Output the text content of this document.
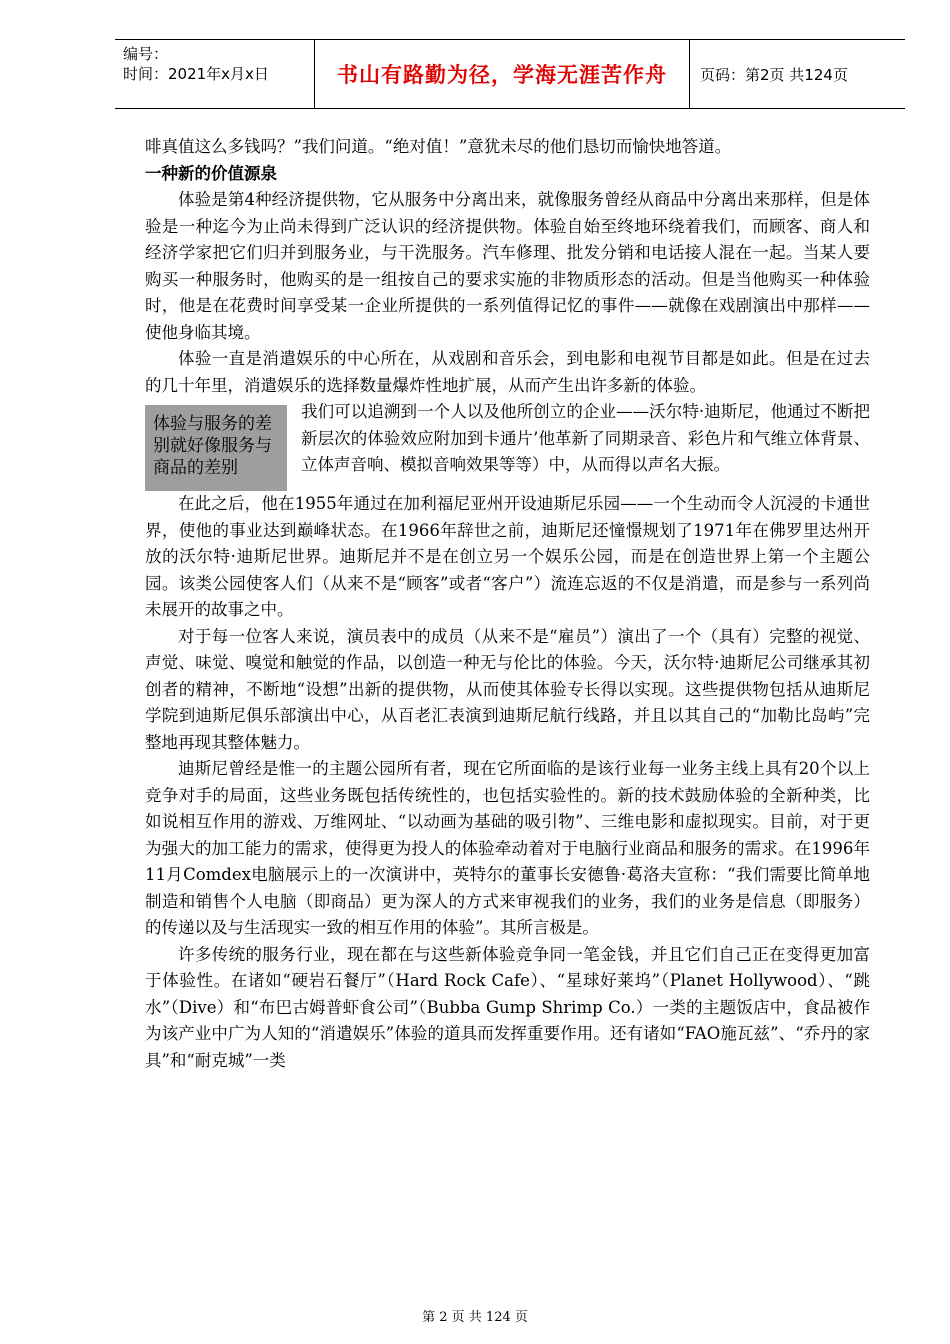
编号：
时间：2021年x月x日	书山有路勤为径，学海无涯苦作舟	页码：第2页 共124页

啡真值这么多钱吗？”我们问道。“绝对值！”意犹未尽的他们恳切而愉快地答道。

一种新的价值源泉

体验是第4种经济提供物，它从服务中分离出来，就像服务曾经从商品中分离出来那样，但是体验是一种迄今为止尚未得到广泛认识的经济提供物。体验自始至终地环绕着我们，而顾客、商人和经济学家把它们归并到服务业，与干洗服务。汽车修理、批发分销和电话接人混在一起。当某人要购买一种服务时，他购买的是一组按自己的要求实施的非物质形态的活动。但是当他购买一种体验时，他是在花费时间享受某一企业所提供的一系列值得记忆的事件——就像在戏剧演出中那样——使他身临其境。

体验一直是消遣娱乐的中心所在，从戏剧和音乐会，到电影和电视节目都是如此。但是在过去的几十年里，消遣娱乐的选择数量爆炸性地扩展，从而产生出许多新的体验。

体验与服务的差别就好像服务与商品的差别

我们可以追溯到一个人以及他所创立的企业——沃尔特·迪斯尼，他通过不断把新层次的体验效应附加到卡通片’他革新了同期录音、彩色片和气维立体背景、立体声音响、模拟音响效果等等）中，从而得以声名大振。

在此之后，他在1955年通过在加利福尼亚州开设迪斯尼乐园——一个生动而令人沉浸的卡通世界，使他的事业达到巅峰状态。在1966年辞世之前，迪斯尼还憧憬规划了1971年在佛罗里达州开放的沃尔特·迪斯尼世界。迪斯尼并不是在创立另一个娱乐公园，而是在创造世界上第一个主题公园。该类公园使客人们（从来不是“顾客”或者“客户”）流连忘返的不仅是消遣，而是参与一系列尚未展开的故事之中。

对于每一位客人来说，演员表中的成员（从来不是“雇员”）演出了一个（具有）完整的视觉、声觉、味觉、嗅觉和触觉的作品，以创造一种无与伦比的体验。今天，沃尔特·迪斯尼公司继承其初创者的精神，不断地“设想”出新的提供物，从而使其体验专长得以实现。这些提供物包括从迪斯尼学院到迪斯尼俱乐部演出中心，从百老汇表演到迪斯尼航行线路，并且以其自己的“加勒比岛屿”完整地再现其整体魅力。

迪斯尼曾经是惟一的主题公园所有者，现在它所面临的是该行业每一业务主线上具有20个以上竞争对手的局面，这些业务既包括传统性的，也包括实验性的。新的技术鼓励体验的全新种类，比如说相互作用的游戏、万维网址、“以动画为基础的吸引物”、三维电影和虚拟现实。目前，对于更为强大的加工能力的需求，使得更为投人的体验牵动着对于电脑行业商品和服务的需求。在1996年11月Comdex电脑展示上的一次演讲中，英特尔的董事长安德鲁·葛洛夫宣称：“我们需要比简单地制造和销售个人电脑（即商品）更为深人的方式来审视我们的业务，我们的业务是信息（即服务）的传递以及与生活现实一致的相互作用的体验”。其所言极是。

许多传统的服务行业，现在都在与这些新体验竞争同一笔金钱，并且它们自己正在变得更加富于体验性。在诸如“硬岩石餐厅”（Hard Rock Cafe）、“星球好莱坞”（Planet Hollywood）、“跳水”（Dive）和“布巴古姆普虾食公司”（Bubba Gump Shrimp Co.）一类的主题饭店中，食品被作为该产业中广为人知的“消遣娱乐”体验的道具而发挥重要作用。还有诸如“FAO施瓦兹”、“乔丹的家具”和“耐克城”一类

第 2 页 共 124 页
